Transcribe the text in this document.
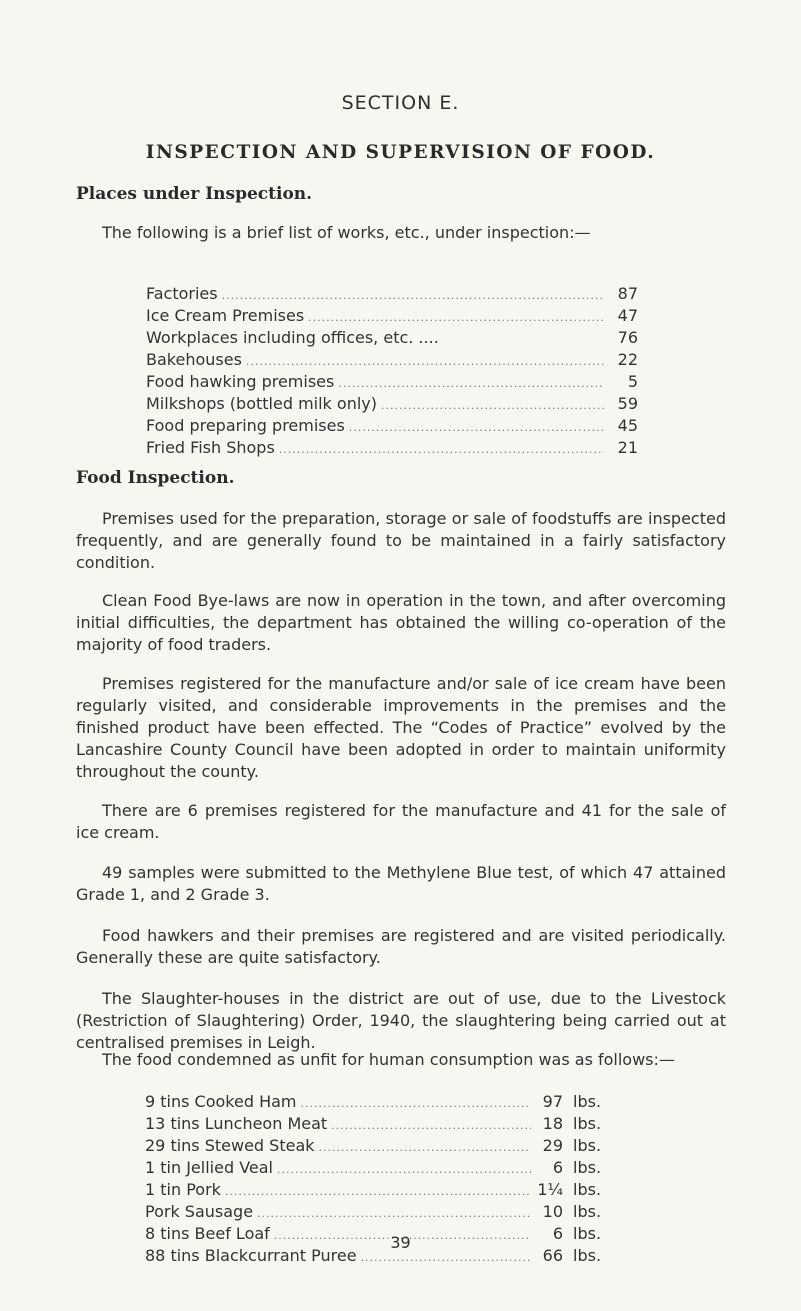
SECTION E.
INSPECTION AND SUPERVISION OF FOOD.
Places under Inspection.
The following is a brief list of works, etc., under inspection:—
Factories .....	87
Ice Cream Premises .....	47
Workplaces including offices, etc. ....	76
Bakehouses .....	22
Food hawking premises .....	5
Milkshops (bottled milk only) .....	59
Food preparing premises .....	45
Fried Fish Shops .....	21
Food Inspection.
Premises used for the preparation, storage or sale of foodstuffs are inspected frequently, and are generally found to be maintained in a fairly satisfactory condition.
Clean Food Bye-laws are now in operation in the town, and after overcoming initial difficulties, the department has obtained the willing co-operation of the majority of food traders.
Premises registered for the manufacture and/or sale of ice cream have been regularly visited, and considerable improvements in the premises and the finished product have been effected. The “Codes of Practice” evolved by the Lancashire County Council have been adopted in order to maintain uniformity throughout the county.
There are 6 premises registered for the manufacture and 41 for the sale of ice cream.
49 samples were submitted to the Methylene Blue test, of which 47 attained Grade 1, and 2 Grade 3.
Food hawkers and their premises are registered and are visited periodically. Generally these are quite satisfactory.
The Slaughter-houses in the district are out of use, due to the Livestock (Restriction of Slaughtering) Order, 1940, the slaughtering being carried out at centralised premises in Leigh.
The food condemned as unfit for human consumption was as follows:—
9 tins Cooked Ham .....	97 lbs.
13 tins Luncheon Meat .....	18 lbs.
29 tins Stewed Steak .....	29 lbs.
1 tin Jellied Veal .....	6 lbs.
1 tin Pork .....	1¼ lbs.
Pork Sausage .....	10 lbs.
8 tins Beef Loaf .....	6 lbs.
88 tins Blackcurrant Puree .....	66 lbs.
39
